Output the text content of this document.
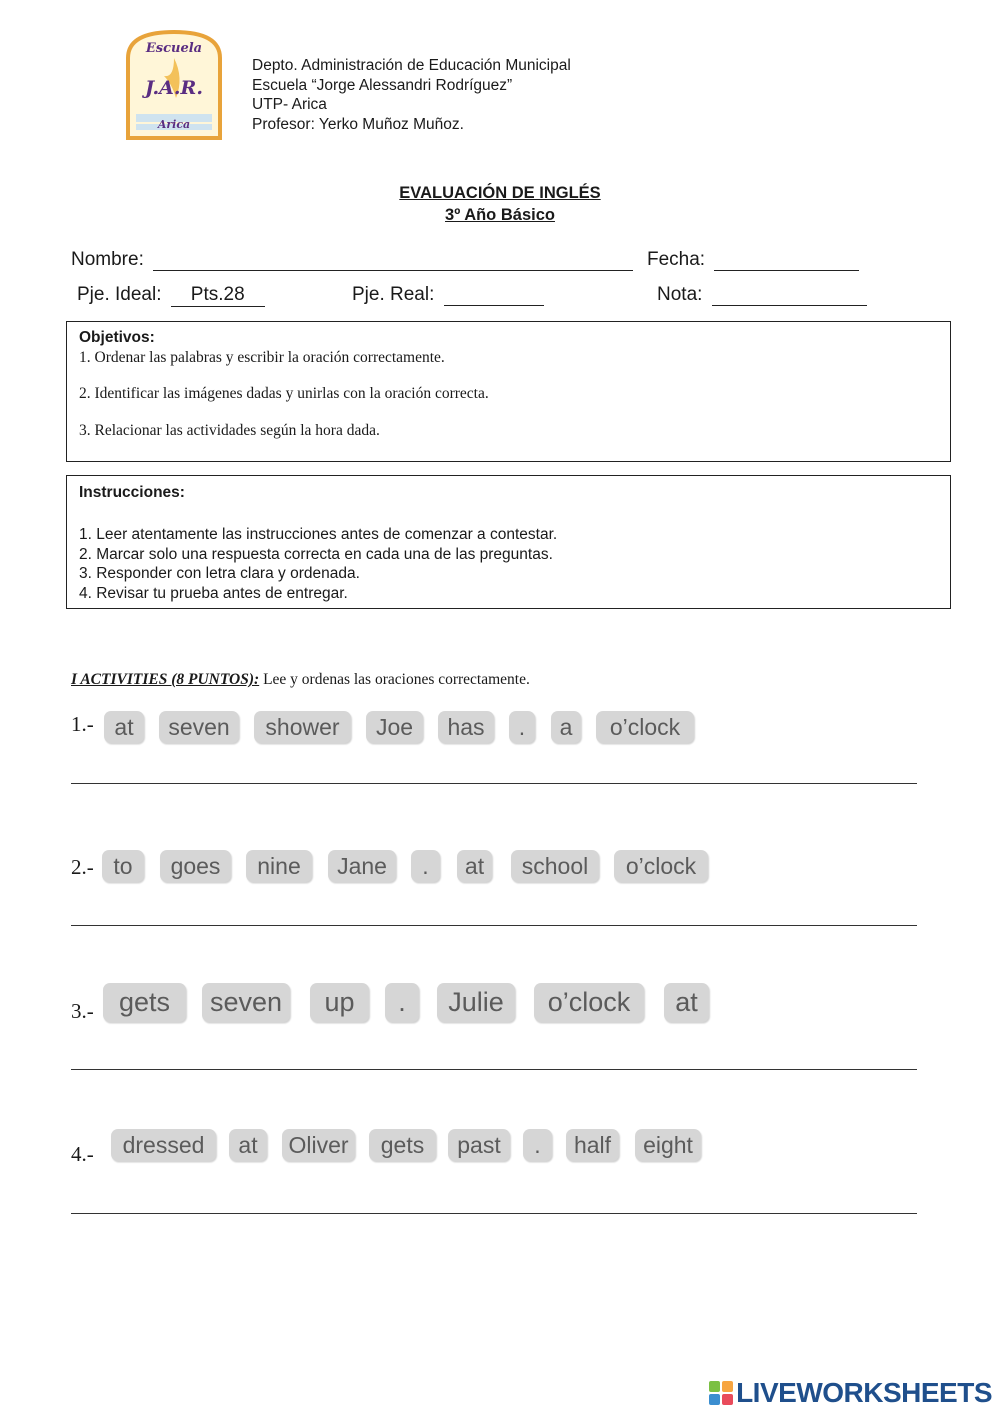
Escuela
J.A.R.
Arica
Depto. Administración de Educación Municipal
Escuela “Jorge Alessandri Rodríguez”
UTP- Arica
Profesor: Yerko Muñoz Muñoz.
EVALUACIÓN DE INGLÉS
3º Año Básico
Nombre:	Fecha:
Pje. Ideal: Pts.28	Pje. Real:	Nota:
Objetivos:
1. Ordenar las palabras y escribir la oración correctamente.
2. Identificar las imágenes dadas y unirlas con la oración correcta.
3. Relacionar las actividades según la hora dada.
Instrucciones:
1. Leer atentamente las instrucciones antes de comenzar a contestar.
2. Marcar solo una respuesta correcta en cada una de las preguntas.
3. Responder con letra clara y ordenada.
4. Revisar tu prueba antes de entregar.
I ACTIVITIES (8 PUNTOS): Lee y ordenas las oraciones correctamente.
1.- at	seven	shower	Joe	has	.	a	o’clock
2.- to	goes	nine	Jane	.	at	school	o’clock
3.- gets	seven	up	.	Julie	o’clock	at
4.-	dressed	at	Oliver	gets	past	.	half	eight
LIVEWORKSHEETS
